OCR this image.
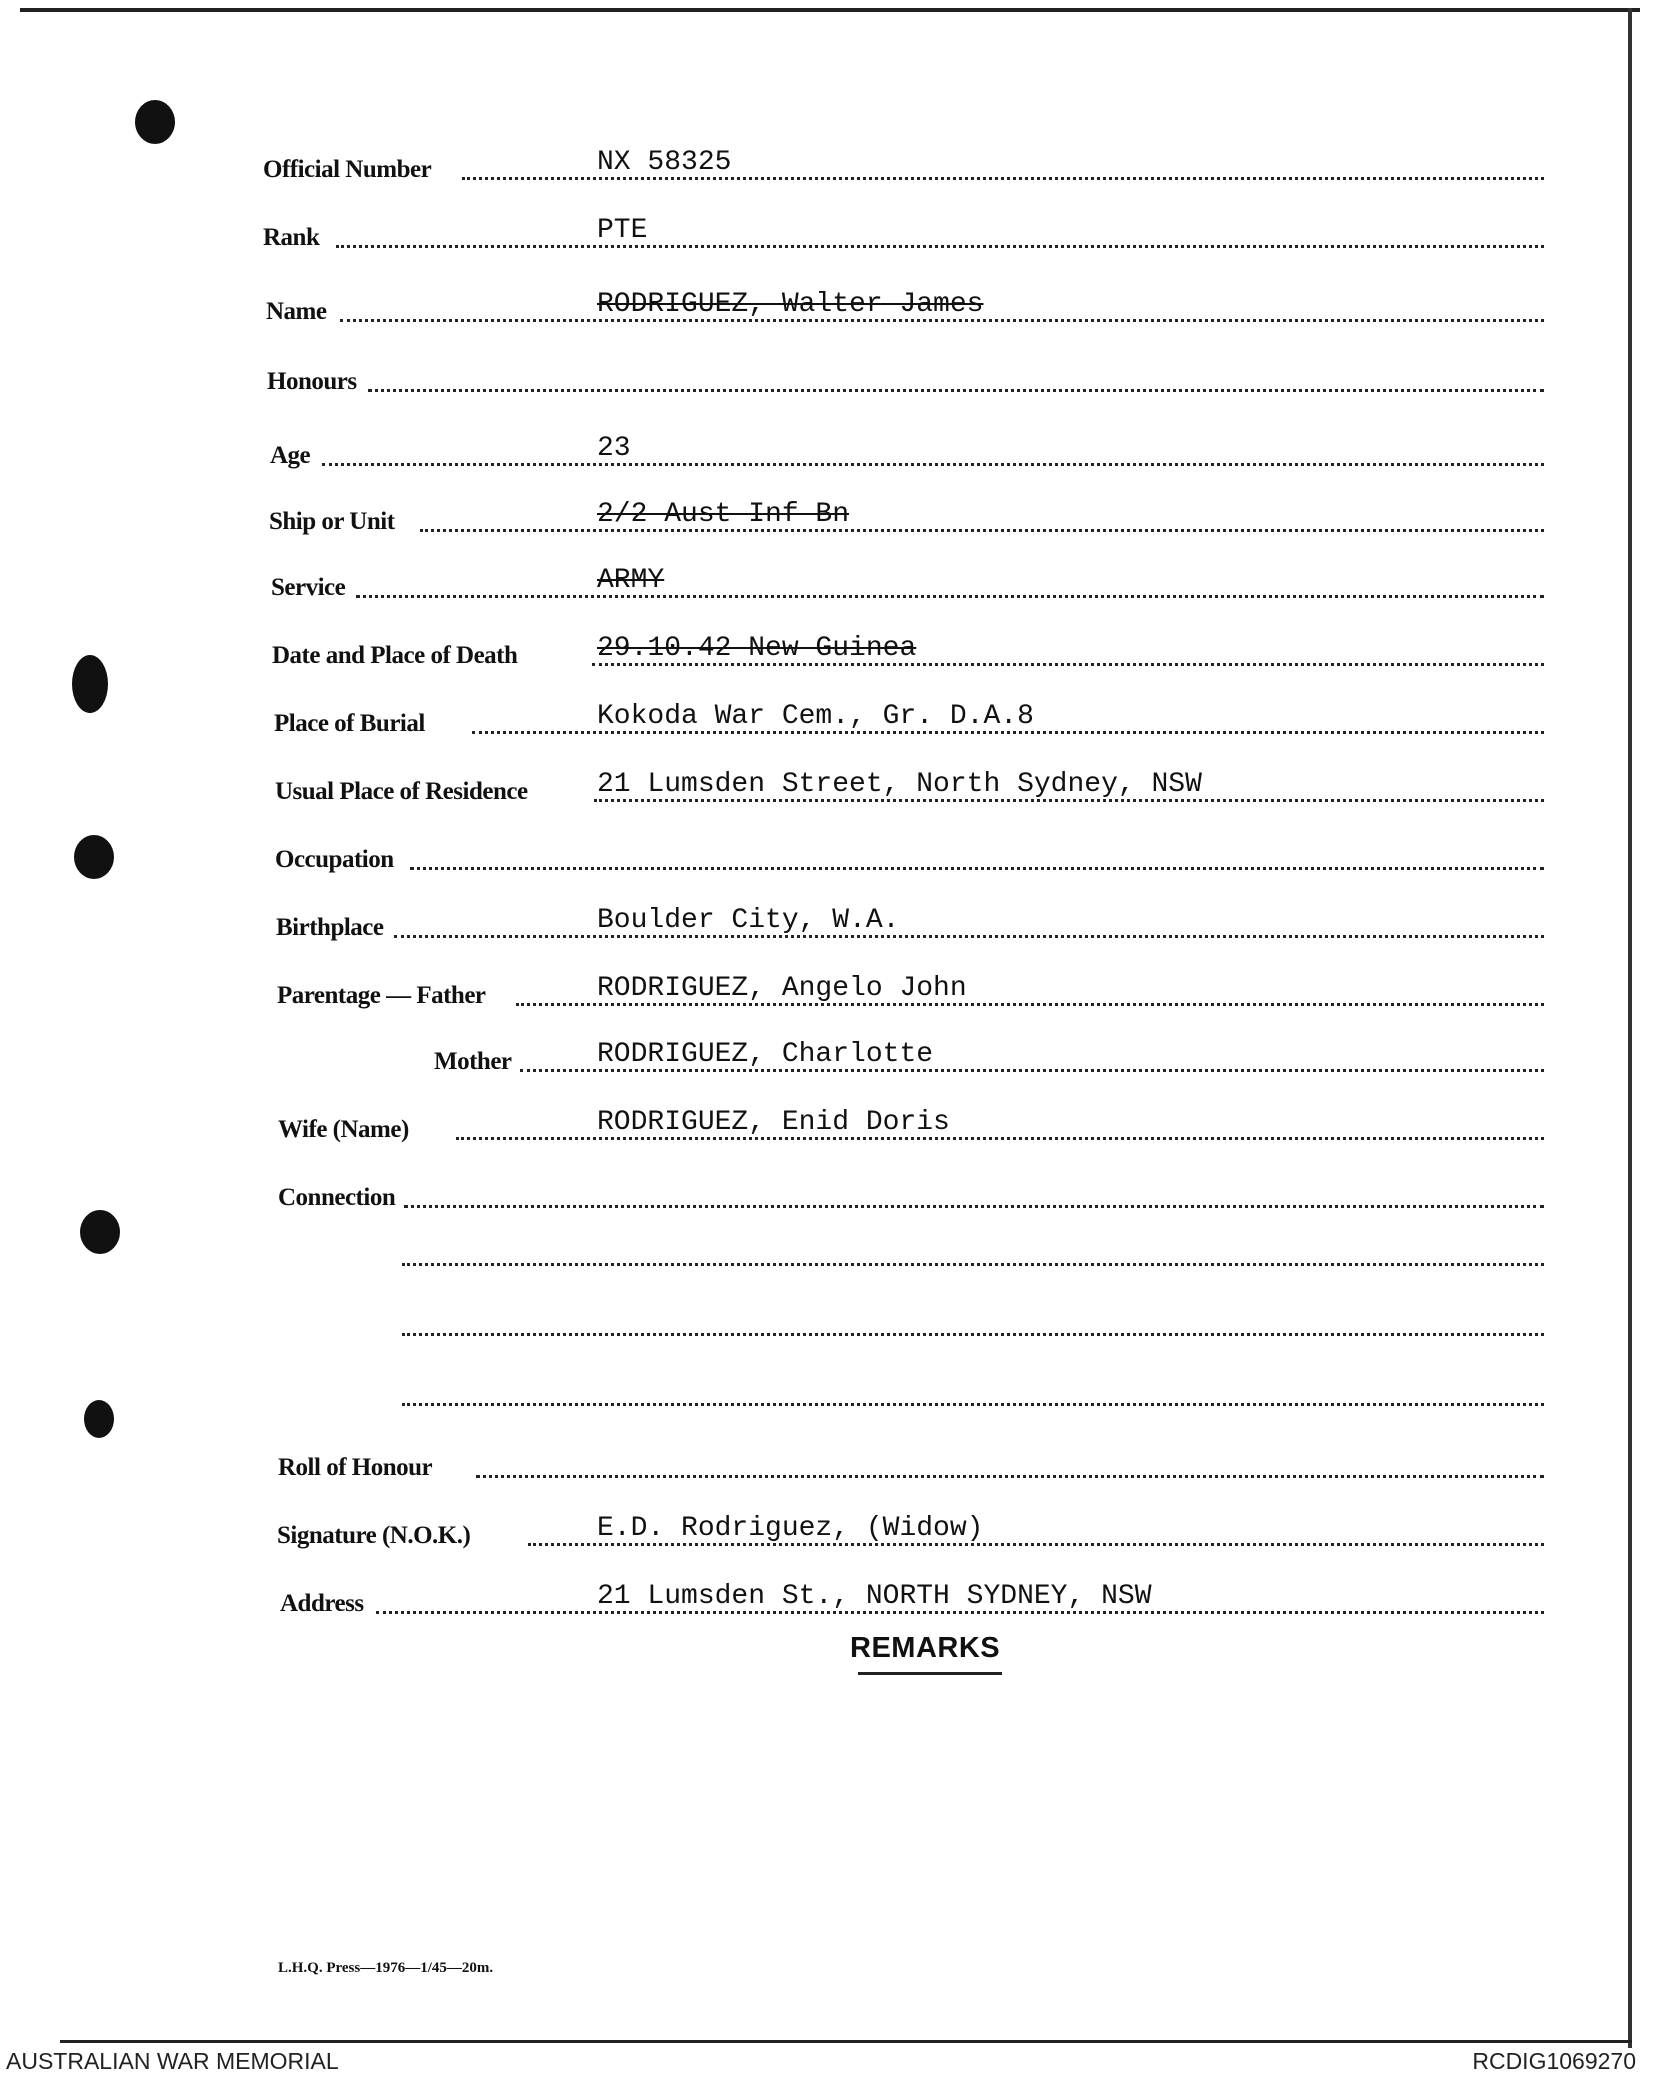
Official Number	NX 58325
Rank	PTE
Name	RODRIGUEZ, Walter James
Honours
Age	23
Ship or Unit	2/2 Aust Inf Bn
Service	ARMY
Date and Place of Death	29.10.42 New Guinea
Place of Burial	Kokoda War Cem., Gr. D.A.8
Usual Place of Residence 21 Lumsden Street, North Sydney, NSW
Occupation
Birthplace	Boulder City, W.A.
Parentage — Father	RODRIGUEZ, Angelo John
Mother	RODRIGUEZ, Charlotte
Wife (Name)	RODRIGUEZ, Enid Doris
Connection
Roll of Honour
Signature (N.O.K.)	E.D. Rodriguez, (Widow)
Address	21 Lumsden St., NORTH SYDNEY, NSW
REMARKS
L.H.Q. Press—1976—1/45—20m.
AUSTRALIAN WAR MEMORIAL	RCDIG1069270
